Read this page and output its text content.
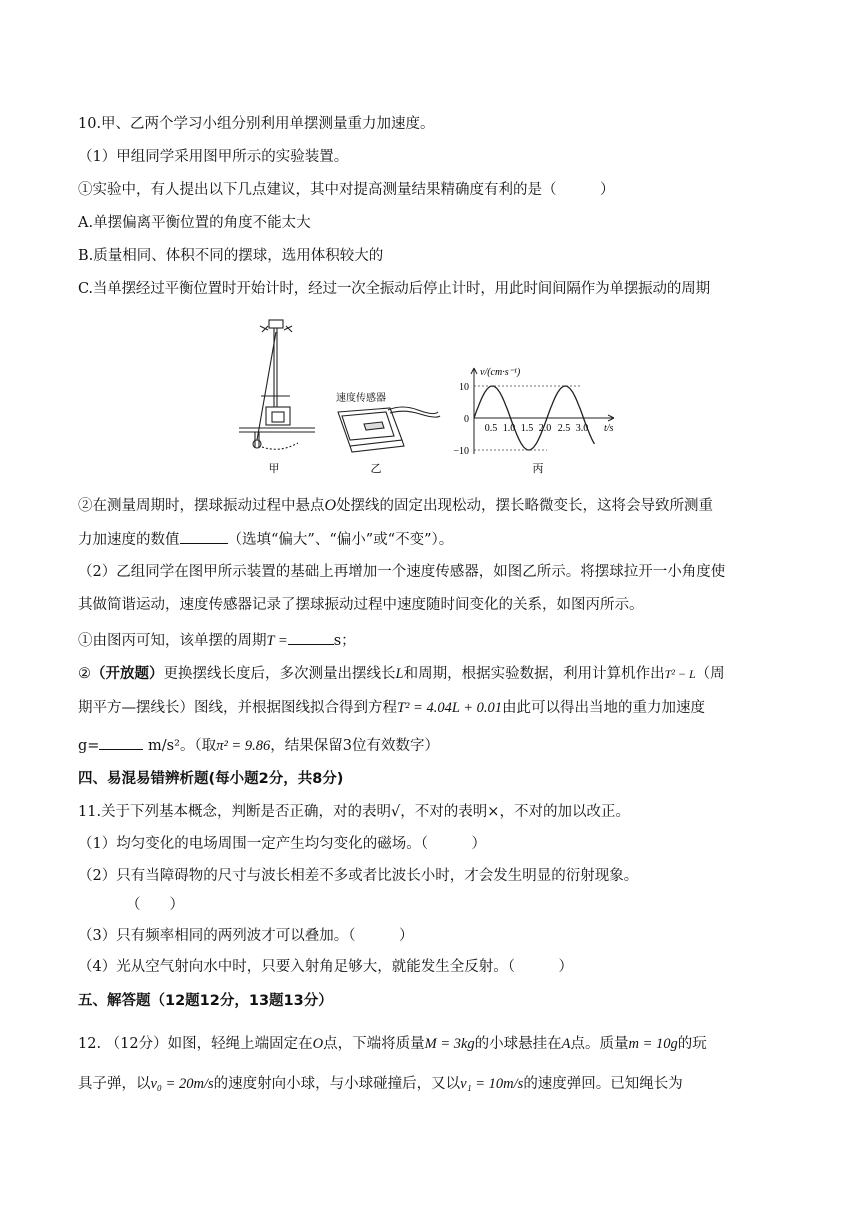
10.甲、乙两个学习小组分别利用单摆测量重力加速度。
（1）甲组同学采用图甲所示的实验装置。
①实验中，有人提出以下几点建议，其中对提高测量结果精确度有利的是（　　　）
A.单摆偏离平衡位置的角度不能太大
B.质量相同、体积不同的摆球，选用体积较大的
C.当单摆经过平衡位置时开始计时，经过一次全振动后停止计时，用此时间间隔作为单摆振动的周期
甲
速度传感器
乙
v/(cm·s⁻¹)
t/s
10
0
−10
0.5 1.0 1.5 2.0 2.5 3.0
丙
②在测量周期时，摆球振动过程中悬点O处摆线的固定出现松动，摆长略微变长，这将会导致所测重
力加速度的数值	（选填“偏大”、“偏小”或“不变”）。
（2）乙组同学在图甲所示装置的基础上再增加一个速度传感器，如图乙所示。将摆球拉开一小角度使
其做简谐运动，速度传感器记录了摆球振动过程中速度随时间变化的关系，如图丙所示。
①由图丙可知，该单摆的周期T =	s；
②（开放题）更换摆线长度后，多次测量出摆线长L和周期，根据实验数据，利用计算机作出T² − L（周
期平方—摆线长）图线，并根据图线拟合得到方程T² = 4.04L + 0.01由此可以得出当地的重力加速度
g=	m/s²。（取π² = 9.86，结果保留3位有效数字）
四、易混易错辨析题(每小题2分，共8分)
11.关于下列基本概念，判断是否正确，对的表明√，不对的表明×，不对的加以改正。
（1）均匀变化的电场周围一定产生均匀变化的磁场。（　　　）
（2）只有当障碍物的尺寸与波长相差不多或者比波长小时，才会发生明显的衍射现象。
（　　）
（3）只有频率相同的两列波才可以叠加。（　　　）
（4）光从空气射向水中时，只要入射角足够大，就能发生全反射。（　　　）
五、解答题（12题12分，13题13分）
12. （12分）如图，轻绳上端固定在O点，下端将质量M = 3kg的小球悬挂在A点。质量m = 10g的玩
具子弹，以v₀ = 20m/s的速度射向小球，与小球碰撞后，又以v₁ = 10m/s的速度弹回。已知绳长为
